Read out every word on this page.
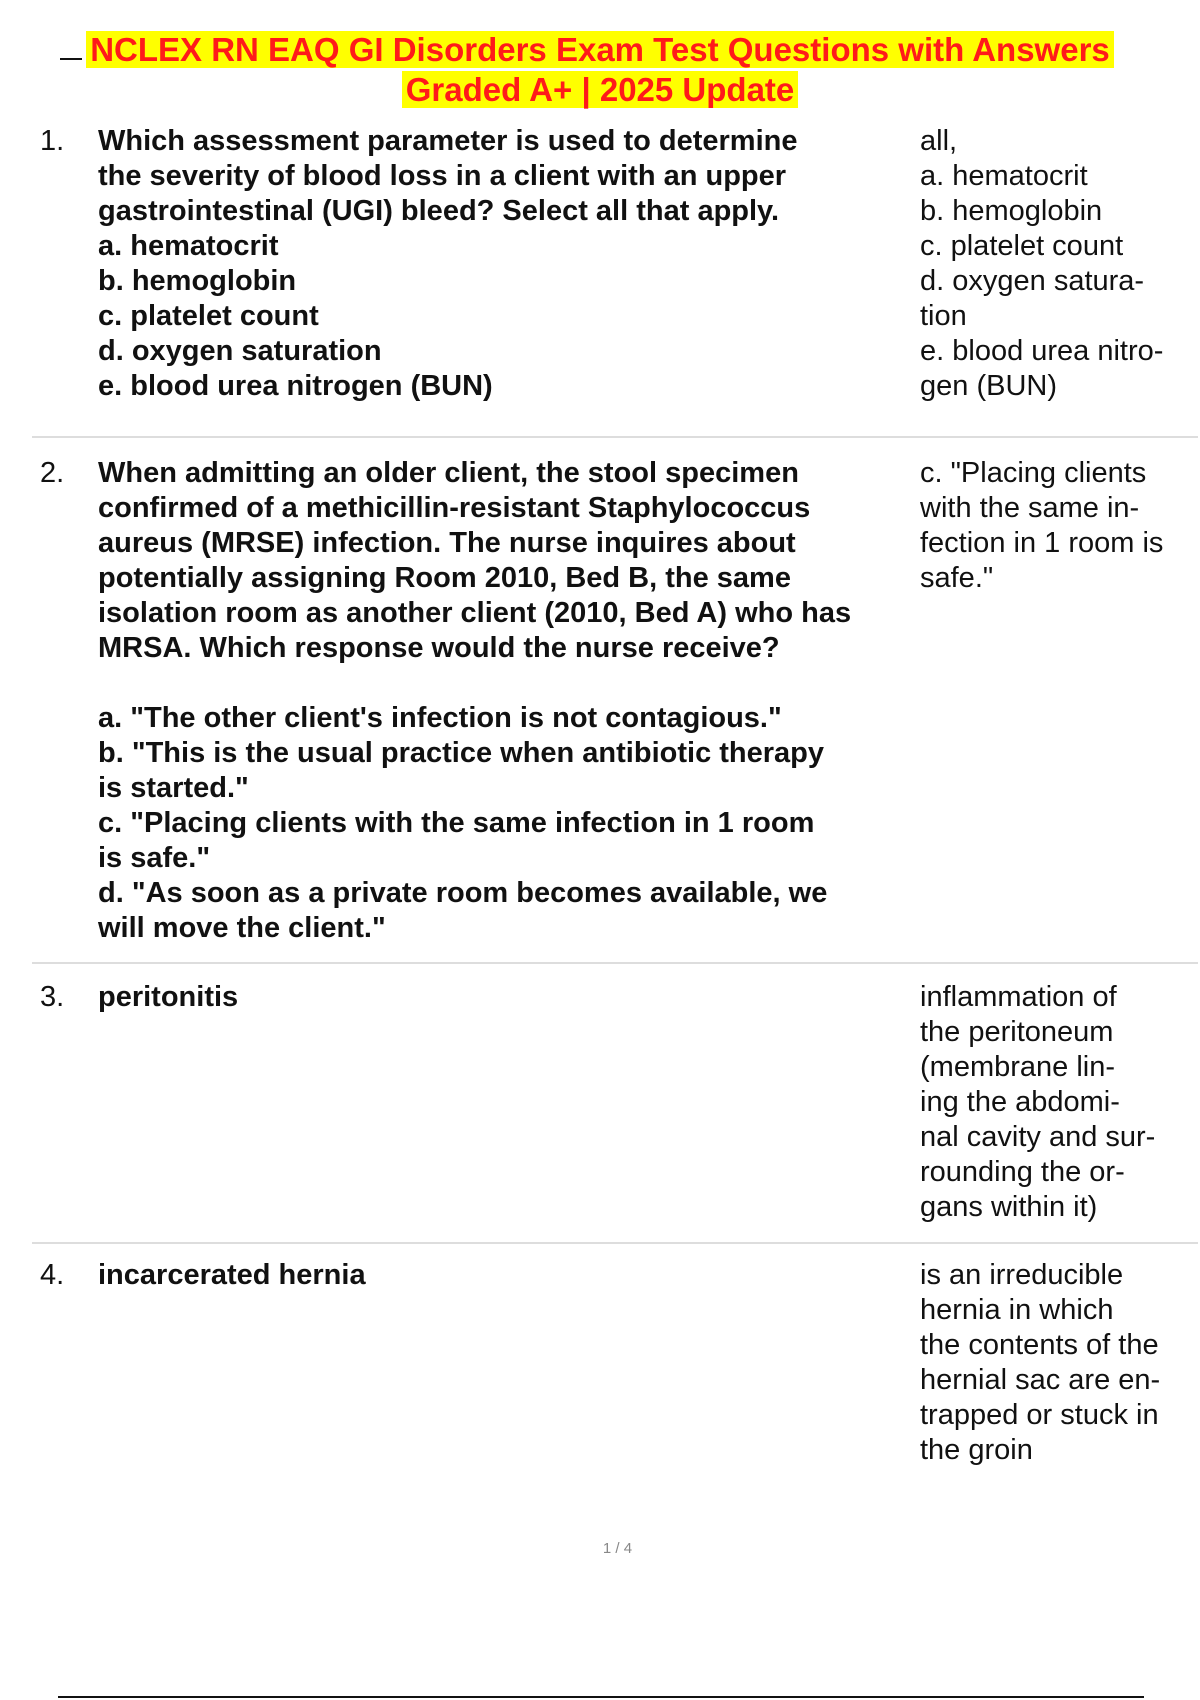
NCLEX RN EAQ GI Disorders Exam Test Questions with Answers
Graded A+ | 2025 Update
1. Which assessment parameter is used to determine
the severity of blood loss in a client with an upper
gastrointestinal (UGI) bleed? Select all that apply.
a. hematocrit
b. hemoglobin
c. platelet count
d. oxygen saturation
e. blood urea nitrogen (BUN)
all,
a. hematocrit
b. hemoglobin
c. platelet count
d. oxygen satura-
tion
e. blood urea nitro-
gen (BUN)
2. When admitting an older client, the stool specimen
confirmed of a methicillin-resistant Staphylococcus
aureus (MRSE) infection. The nurse inquires about
potentially assigning Room 2010, Bed B, the same
isolation room as another client (2010, Bed A) who has
MRSA. Which response would the nurse receive?

a. "The other client's infection is not contagious."
b. "This is the usual practice when antibiotic therapy
is started."
c. "Placing clients with the same infection in 1 room
is safe."
d. "As soon as a private room becomes available, we
will move the client."
c. "Placing clients
with the same in-
fection in 1 room is
safe."
3. peritonitis	inflammation of
the peritoneum
(membrane lin-
ing the abdomi-
nal cavity and sur-
rounding the or-
gans within it)
4. incarcerated hernia	is an irreducible
hernia in which
the contents of the
hernial sac are en-
trapped or stuck in
the groin
1 / 4
